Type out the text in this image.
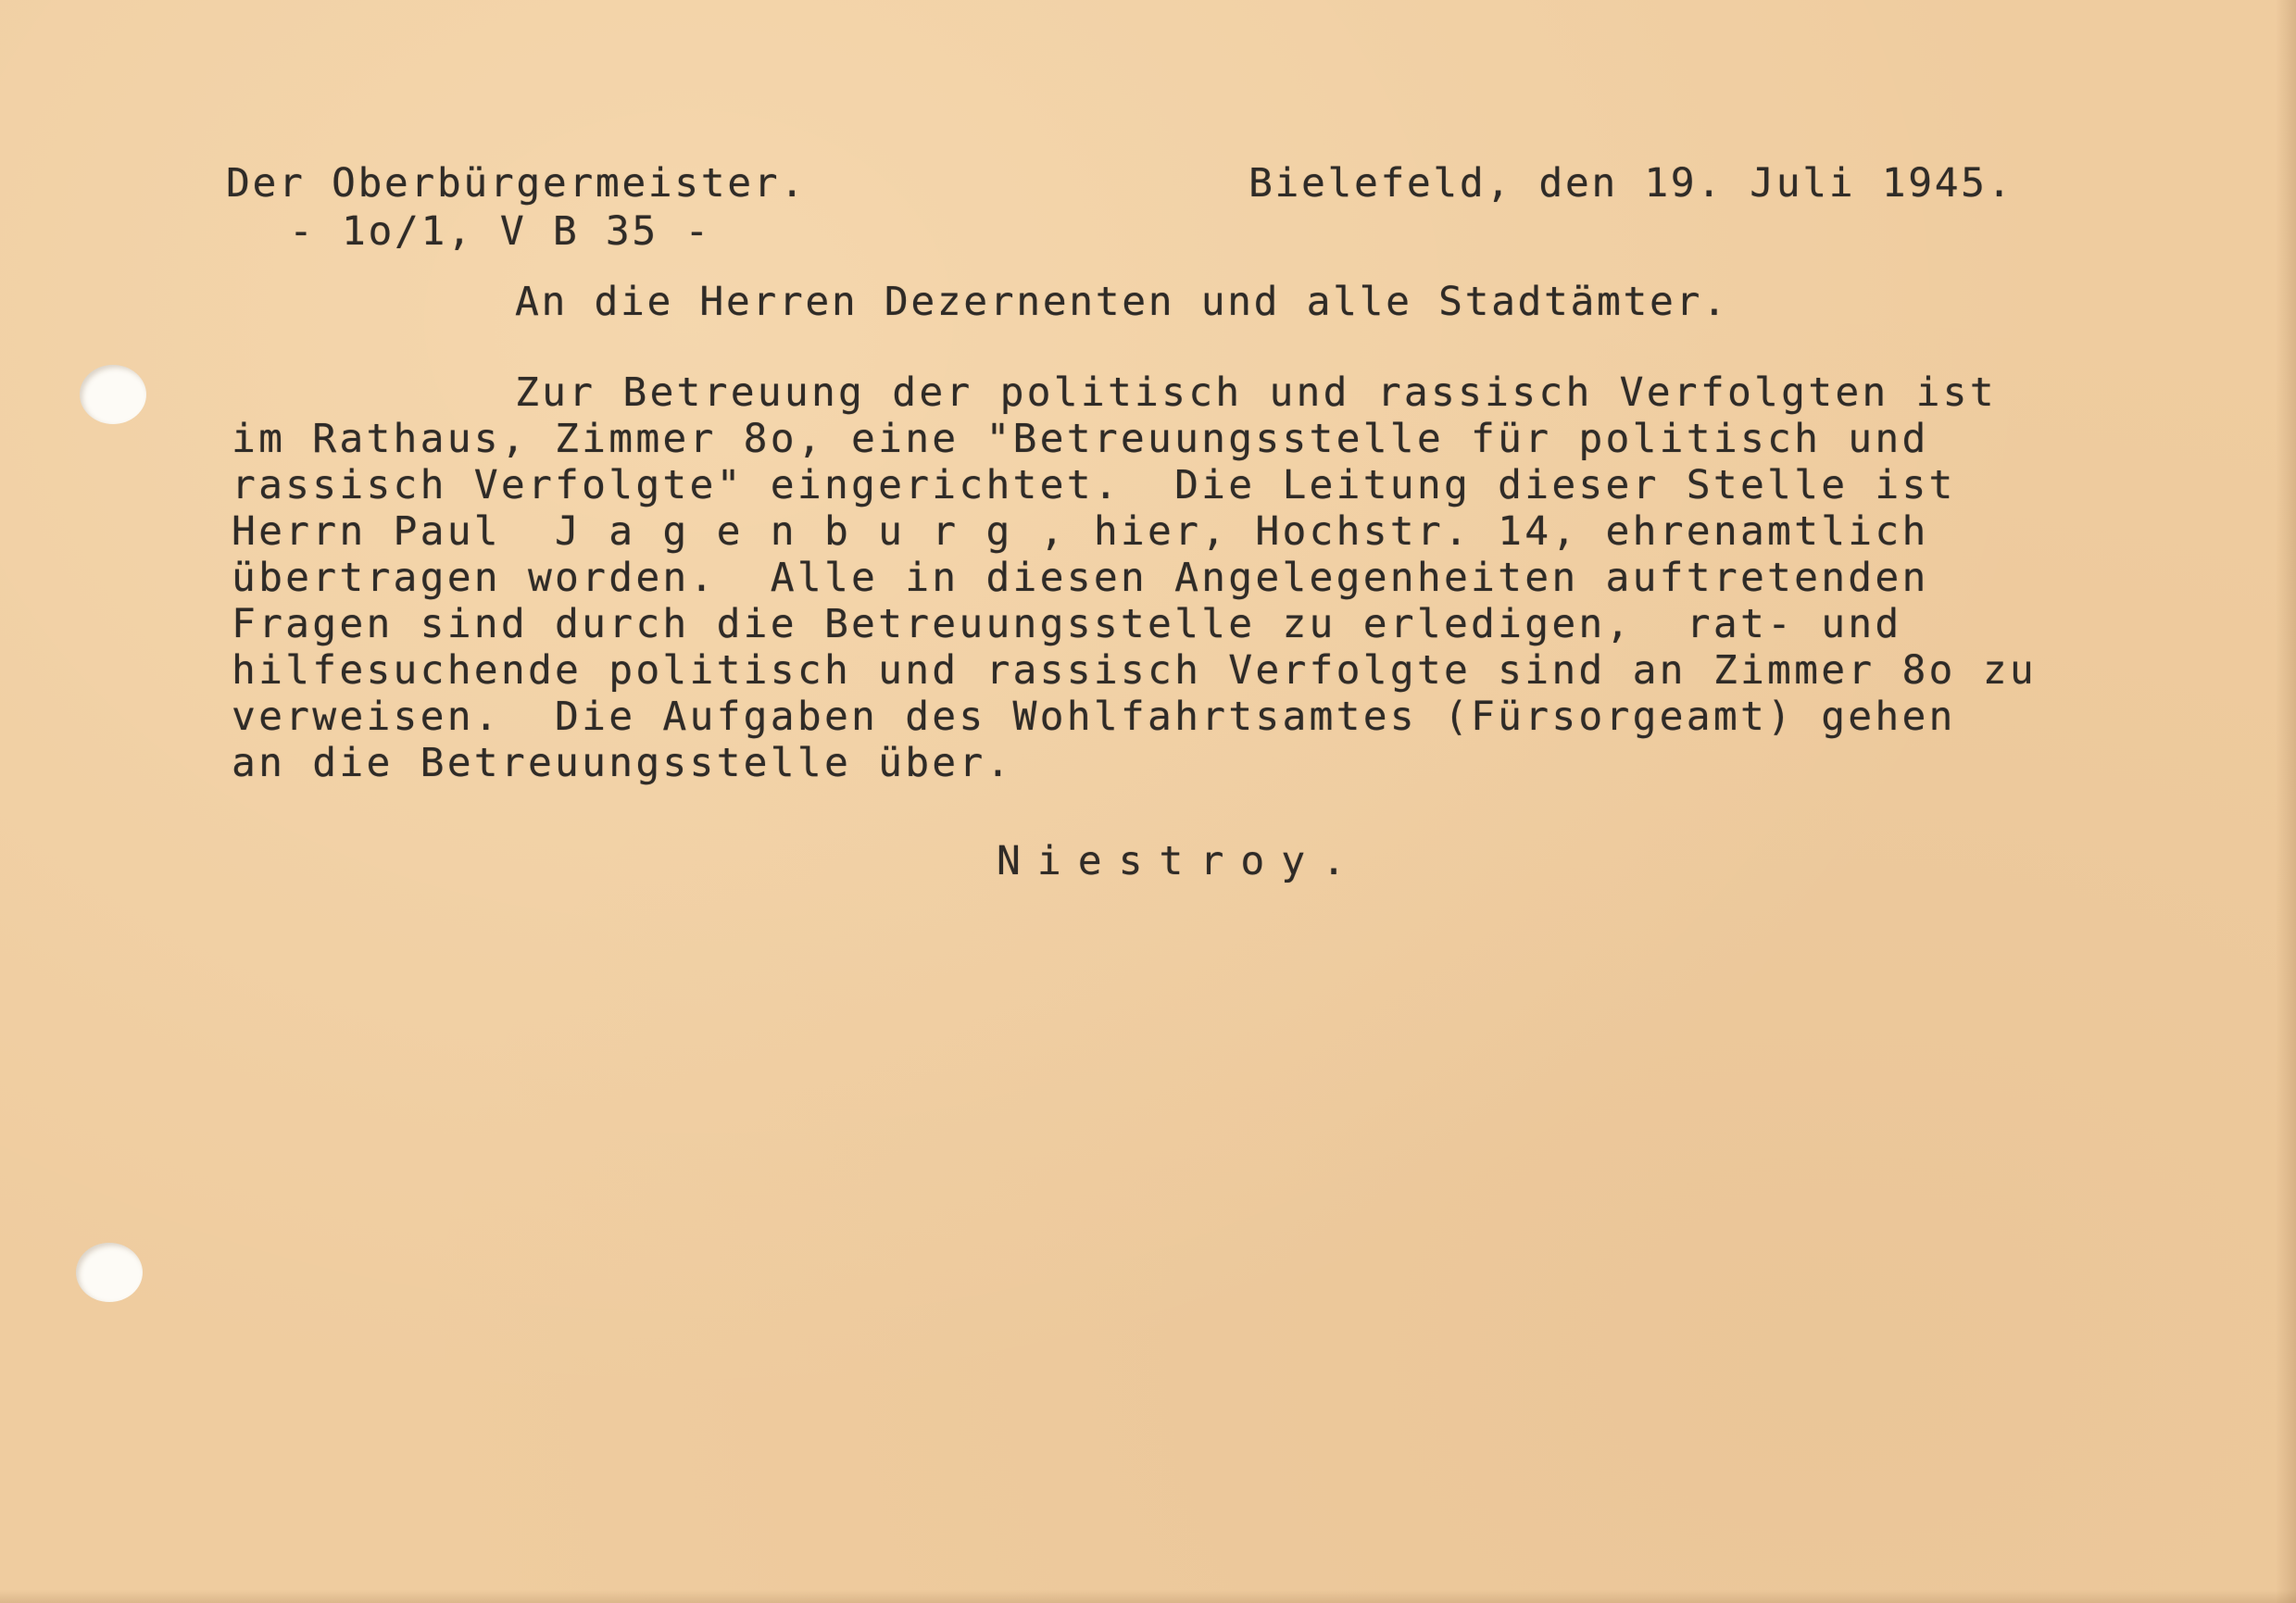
Der Oberbürgermeister.
- 1o/1, V B 35 -
Bielefeld, den 19. Juli 1945.
An die Herren Dezernenten und alle Stadtämter.
Zur Betreuung der politisch und rassisch Verfolgten ist
im Rathaus, Zimmer 8o, eine "Betreuungsstelle für politisch und
rassisch Verfolgte" eingerichtet.  Die Leitung dieser Stelle ist
Herrn Paul  J a g e n b u r g , hier, Hochstr. 14, ehrenamtlich
übertragen worden.  Alle in diesen Angelegenheiten auftretenden
Fragen sind durch die Betreuungsstelle zu erledigen,  rat- und
hilfesuchende politisch und rassisch Verfolgte sind an Zimmer 8o zu
verweisen.  Die Aufgaben des Wohlfahrtsamtes (Fürsorgeamt) gehen
an die Betreuungsstelle über.
Niestroy.
